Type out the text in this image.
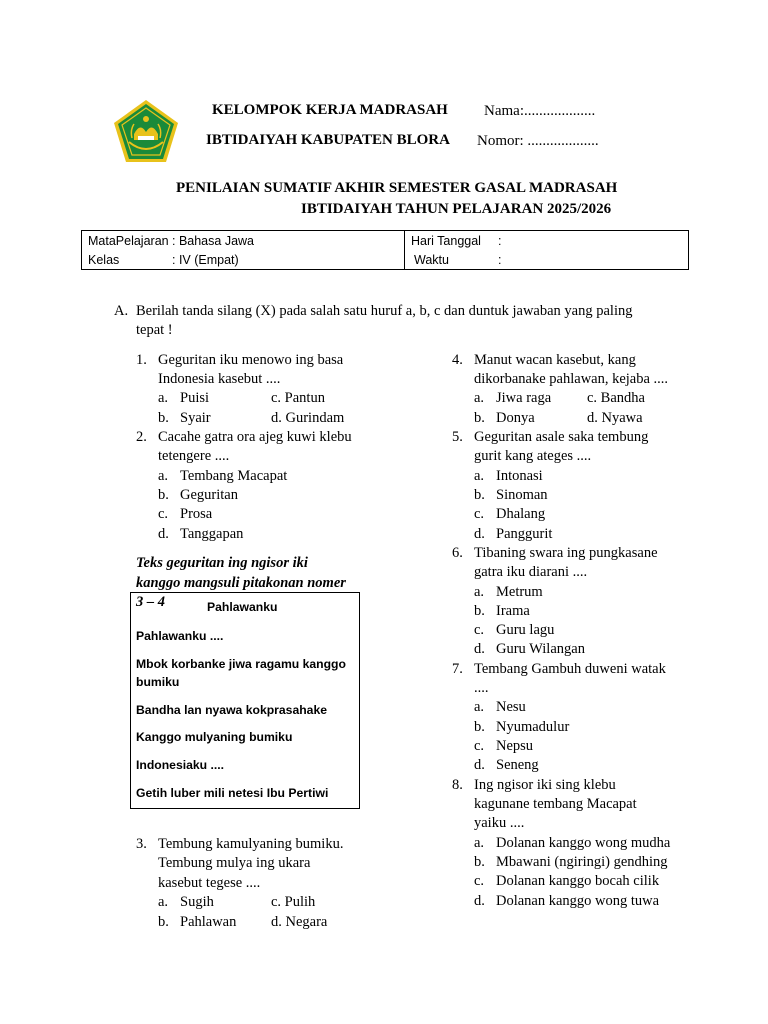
KELOMPOK KERJA MADRASAH
IBTIDAIYAH KABUPATEN BLORA
Nama:...................
Nomor: ...................
PENILAIAN SUMATIF AKHIR SEMESTER GASAL MADRASAH
IBTIDAIYAH TAHUN PELAJARAN 2025/2026
MataPelajaran : Bahasa Jawa	Hari Tanggal :
Kelas : IV (Empat)	Waktu :
A. Berilah tanda silang (X) pada salah satu huruf a, b, c dan duntuk jawaban yang paling
tepat !
1. Geguritan iku menowo ing basa
Indonesia kasebut ....
a. Puisi	c. Pantun
b. Syair	d. Gurindam
2. Cacahe gatra ora ajeg kuwi klebu
tetengere ....
a. Tembang Macapat
b. Geguritan
c. Prosa
d. Tanggapan
Teks geguritan ing ngisor iki
kanggo mangsuli pitakonan nomer
3 – 4	Pahlawanku
Pahlawanku ....
Mbok korbanke jiwa ragamu kanggo
bumiku
Bandha lan nyawa kokprasahake
Kanggo mulyaning bumiku
Indonesiaku ....
Getih luber mili netesi Ibu Pertiwi
3. Tembung kamulyaning bumiku.
Tembung mulya ing ukara
kasebut tegese ....
a. Sugih	c. Pulih
b. Pahlawan d. Negara
4. Manut wacan kasebut, kang
dikorbanake pahlawan, kejaba ....
a. Jiwa raga c. Bandha
b. Donya	d. Nyawa
5. Geguritan asale saka tembung
gurit kang ateges ....
a. Intonasi
b. Sinoman
c. Dhalang
d. Panggurit
6. Tibaning swara ing pungkasane
gatra iku diarani ....
a. Metrum
b. Irama
c. Guru lagu
d. Guru Wilangan
7. Tembang Gambuh duweni watak
....
a. Nesu
b. Nyumadulur
c. Nepsu
d. Seneng
8. Ing ngisor iki sing klebu
kagunane tembang Macapat
yaiku ....
a. Dolanan kanggo wong mudha
b. Mbawani (ngiringi) gendhing
c. Dolanan kanggo bocah cilik
d. Dolanan kanggo wong tuwa
